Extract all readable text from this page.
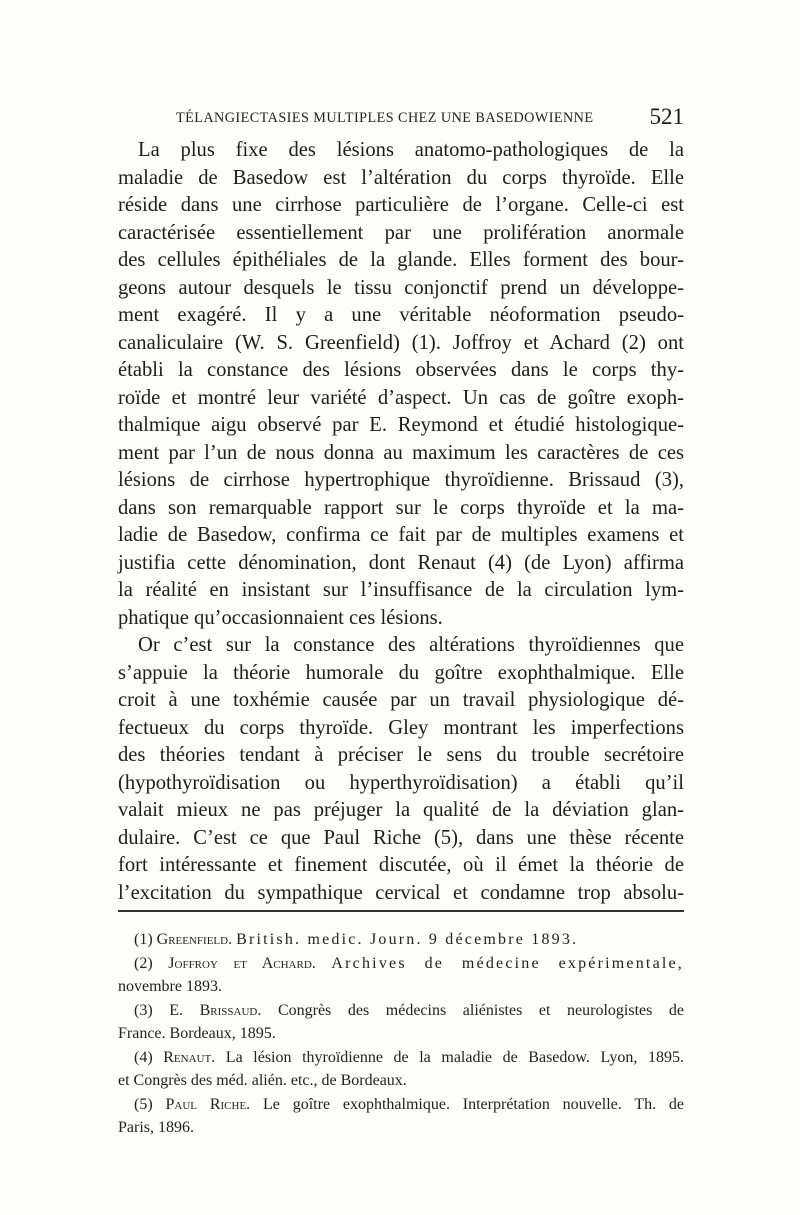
TÉLANGIECTASIES MULTIPLES CHEZ UNE BASEDOWIENNE 521
La plus fixe des lésions anatomo-pathologiques de la
maladie de Basedow est l’altération du corps thyroïde. Elle
réside dans une cirrhose particulière de l’organe. Celle-ci est
caractérisée essentiellement par une prolifération anormale
des cellules épithéliales de la glande. Elles forment des bour-
geons autour desquels le tissu conjonctif prend un développe-
ment exagéré. Il y a une véritable néoformation pseudo-
canaliculaire (W. S. Greenfield) (1). Joffroy et Achard (2) ont
établi la constance des lésions observées dans le corps thy-
roïde et montré leur variété d’aspect. Un cas de goître exoph-
thalmique aigu observé par E. Reymond et étudié histologique-
ment par l’un de nous donna au maximum les caractères de ces
lésions de cirrhose hypertrophique thyroïdienne. Brissaud (3),
dans son remarquable rapport sur le corps thyroïde et la ma-
ladie de Basedow, confirma ce fait par de multiples examens et
justifia cette dénomination, dont Renaut (4) (de Lyon) affirma
la réalité en insistant sur l’insuffisance de la circulation lym-
phatique qu’occasionnaient ces lésions.
Or c’est sur la constance des altérations thyroïdiennes que
s’appuie la théorie humorale du goître exophthalmique. Elle
croit à une toxhémie causée par un travail physiologique dé-
fectueux du corps thyroïde. Gley montrant les imperfections
des théories tendant à préciser le sens du trouble secrétoire
(hypothyroïdisation ou hyperthyroïdisation) a établi qu’il
valait mieux ne pas préjuger la qualité de la déviation glan-
dulaire. C’est ce que Paul Riche (5), dans une thèse récente
fort intéressante et finement discutée, où il émet la théorie de
l’excitation du sympathique cervical et condamne trop absolu-
(1) Greenfield. British. medic. Journ. 9 décembre 1893.
(2) Joffroy et Achard. Archives de médecine expérimentale,
novembre 1893.
(3) E. Brissaud. Congrès des médecins aliénistes et neurologistes de
France. Bordeaux, 1895.
(4) Renaut. La lésion thyroïdienne de la maladie de Basedow. Lyon, 1895.
et Congrès des méd. alién. etc., de Bordeaux.
(5) Paul Riche. Le goître exophthalmique. Interprétation nouvelle. Th. de
Paris, 1896.
